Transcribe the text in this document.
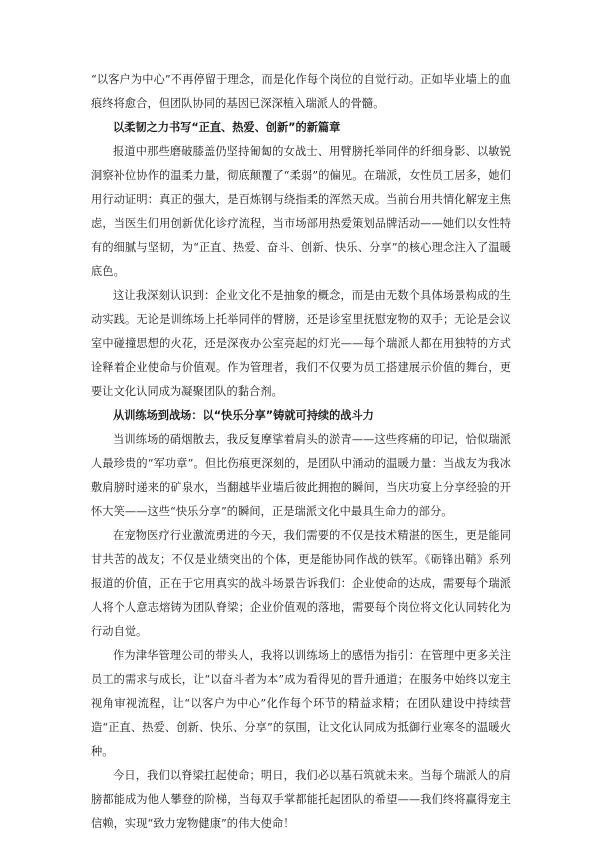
“以客户为中心”不再停留于理念，而是化作每个岗位的自觉行动。正如毕业墙上的血痕终将愈合，但团队协同的基因已深深植入瑞派人的骨髓。

以柔韧之力书写“正直、热爱、创新”的新篇章

报道中那些磨破膝盖仍坚持匍匐的女战士、用臂膀托举同伴的纤细身影、以敏锐洞察补位协作的温柔力量，彻底颠覆了“柔弱”的偏见。在瑞派，女性员工居多，她们用行动证明：真正的强大，是百炼钢与绕指柔的浑然天成。当前台用共情化解宠主焦虑，当医生们用创新优化诊疗流程，当市场部用热爱策划品牌活动——她们以女性特有的细腻与坚韧，为“正直、热爱、奋斗、创新、快乐、分享”的核心理念注入了温暖底色。

这让我深刻认识到：企业文化不是抽象的概念，而是由无数个具体场景构成的生动实践。无论是训练场上托举同伴的臂膀，还是诊室里抚慰宠物的双手；无论是会议室中碰撞思想的火花，还是深夜办公室亮起的灯光——每个瑞派人都在用独特的方式诠释着企业使命与价值观。作为管理者，我们不仅要为员工搭建展示价值的舞台，更要让文化认同成为凝聚团队的黏合剂。

从训练场到战场：以“快乐分享”铸就可持续的战斗力

当训练场的硝烟散去，我反复摩挲着肩头的淤青——这些疼痛的印记，恰似瑞派人最珍贵的“军功章”。但比伤痕更深刻的，是团队中涌动的温暖力量：当战友为我冰敷肩膀时递来的矿泉水，当翻越毕业墙后彼此拥抱的瞬间，当庆功宴上分享经验的开怀大笑——这些“快乐分享”的瞬间，正是瑞派文化中最具生命力的部分。

在宠物医疗行业激流勇进的今天，我们需要的不仅是技术精湛的医生，更是能同甘共苦的战友；不仅是业绩突出的个体，更是能协同作战的铁军。《砺锋出鞘》系列报道的价值，正在于它用真实的战斗场景告诉我们：企业使命的达成，需要每个瑞派人将个人意志熔铸为团队脊梁；企业价值观的落地，需要每个岗位将文化认同转化为行动自觉。

作为津华管理公司的带头人，我将以训练场上的感悟为指引：在管理中更多关注员工的需求与成长，让“以奋斗者为本”成为看得见的晋升通道；在服务中始终以宠主视角审视流程，让“以客户为中心”化作每个环节的精益求精；在团队建设中持续营造“正直、热爱、创新、快乐、分享”的氛围，让文化认同成为抵御行业寒冬的温暖火种。

今日，我们以脊梁扛起使命；明日，我们必以基石筑就未来。当每个瑞派人的肩膀都能成为他人攀登的阶梯，当每双手掌都能托起团队的希望——我们终将赢得宠主信赖，实现“致力宠物健康”的伟大使命！
